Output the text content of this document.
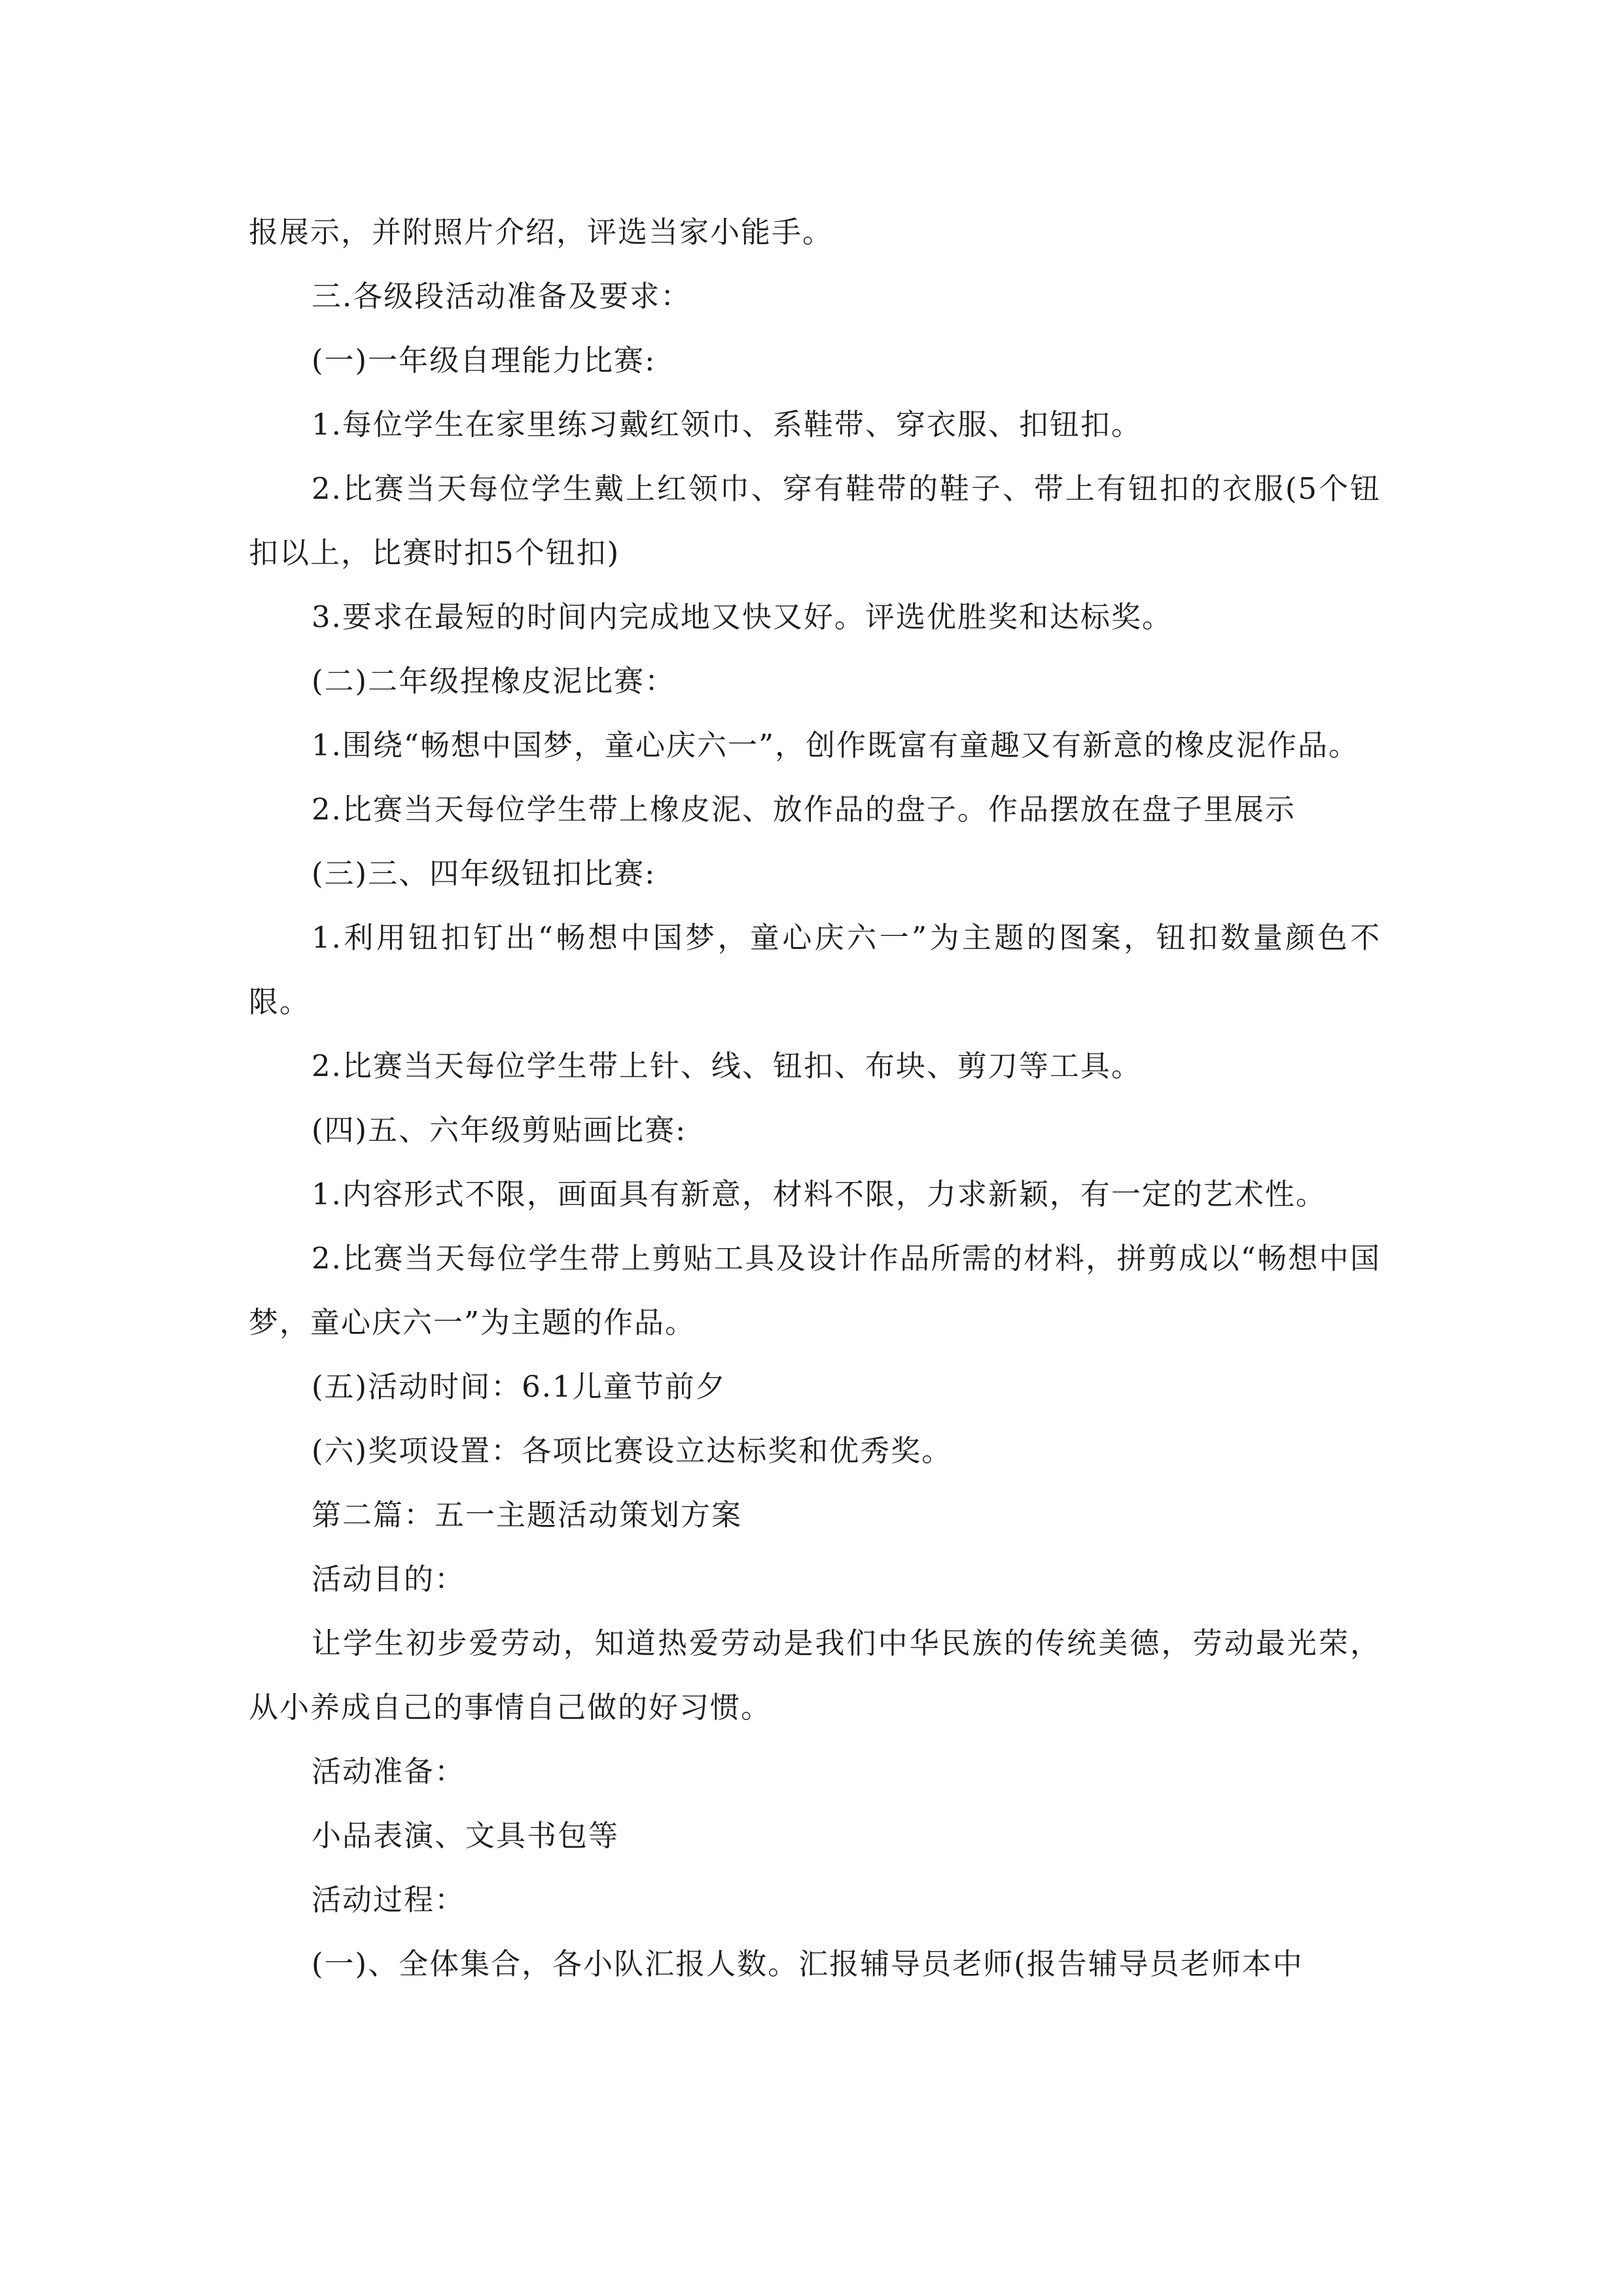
报展示，并附照片介绍，评选当家小能手。

三.各级段活动准备及要求：

(一)一年级自理能力比赛:

1.每位学生在家里练习戴红领巾、系鞋带、穿衣服、扣钮扣。

2.比赛当天每位学生戴上红领巾、穿有鞋带的鞋子、带上有钮扣的衣服(5个钮扣以上，比赛时扣5个钮扣)

3.要求在最短的时间内完成地又快又好。评选优胜奖和达标奖。

(二)二年级捏橡皮泥比赛：

1.围绕“畅想中国梦，童心庆六一”，创作既富有童趣又有新意的橡皮泥作品。

2.比赛当天每位学生带上橡皮泥、放作品的盘子。作品摆放在盘子里展示

(三)三、四年级钮扣比赛:

1.利用钮扣钉出“畅想中国梦，童心庆六一”为主题的图案，钮扣数量颜色不限。

2.比赛当天每位学生带上针、线、钮扣、布块、剪刀等工具。

(四)五、六年级剪贴画比赛:

1.内容形式不限，画面具有新意，材料不限，力求新颖，有一定的艺术性。

2.比赛当天每位学生带上剪贴工具及设计作品所需的材料，拼剪成以“畅想中国梦，童心庆六一”为主题的作品。

(五)活动时间：6.1儿童节前夕

(六)奖项设置：各项比赛设立达标奖和优秀奖。

第二篇：五一主题活动策划方案

活动目的：

让学生初步爱劳动，知道热爱劳动是我们中华民族的传统美德，劳动最光荣，从小养成自己的事情自己做的好习惯。

活动准备：

小品表演、文具书包等

活动过程：

(一)、全体集合，各小队汇报人数。汇报辅导员老师(报告辅导员老师本中
